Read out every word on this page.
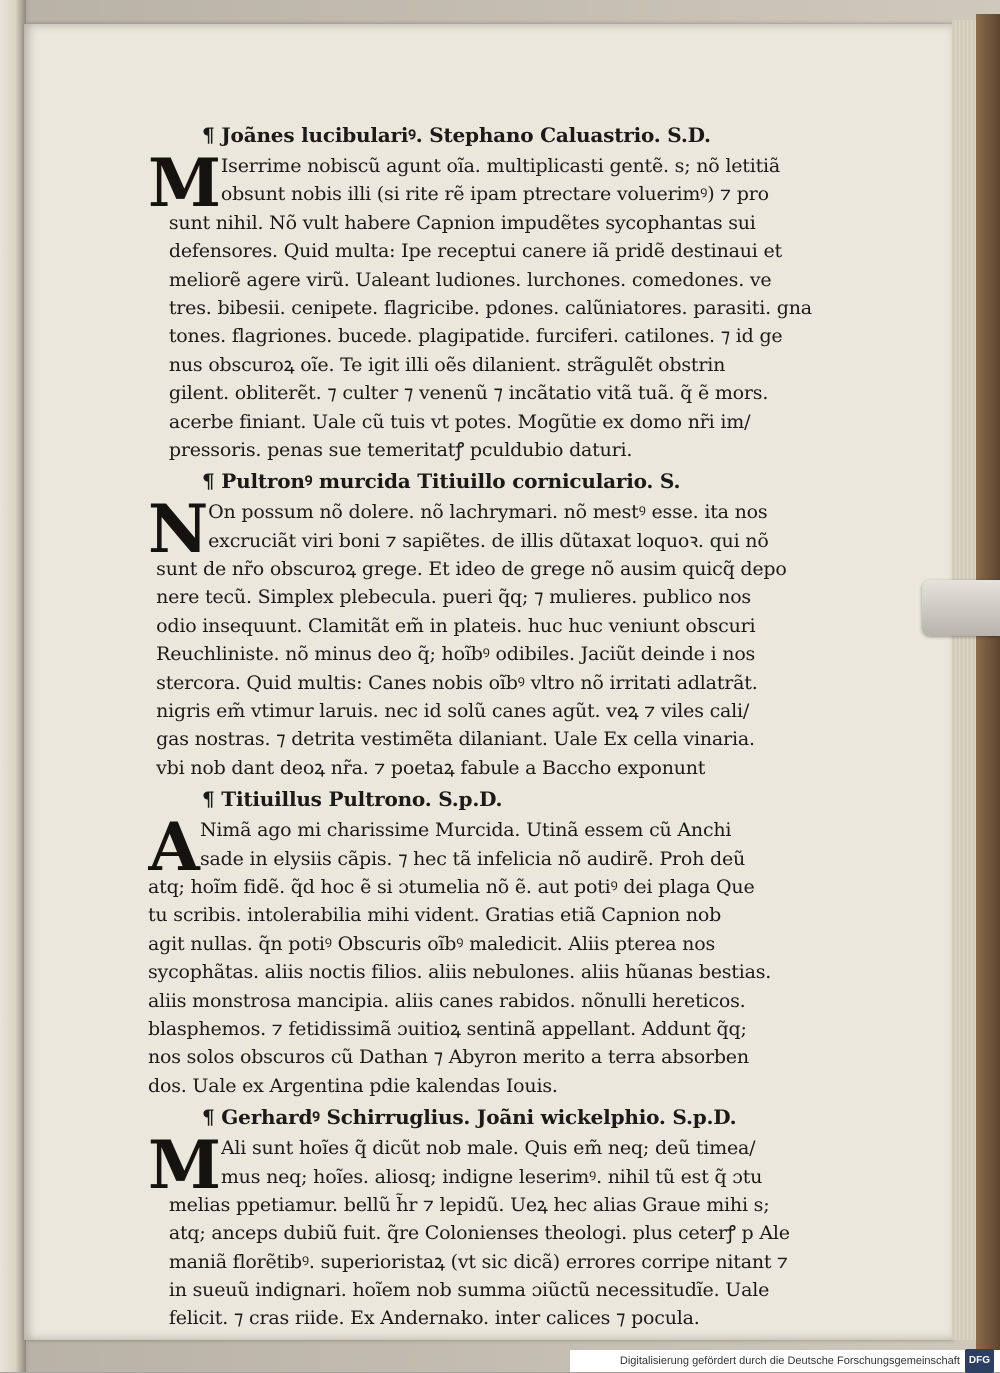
¶ Joãnes lucibulariꝰ. Stephano Caluastrio. S.D.
M Iserrime nobiscũ agunt oĩa. multiplicasti gentẽ. s; nõ letitiã
obsunt nobis illi (si rite rẽ ipam ptrectare voluerimꝰ) ⁊ pro
sunt nihil. Nõ vult habere Capnion impudẽtes sycophantas sui
defensores. Quid multa: Ipe receptui canere iã pridẽ destinaui et
meliorẽ agere virũ. Ualeant ludiones. lurchones. comedones. ve
tres. bibesii. cenipete. flagricibe. pdones. calũniatores. parasiti. gna
tones. flagriones. bucede. plagipatide. furciferi. catilones. ⁊ id ge
nus obscuroꝝ oĩe. Te igit illi oẽs dilanient. strãgulẽt obstrin
gilent. obliterẽt. ⁊ culter ⁊ venenũ ⁊ incãtatio vitã tuã. q̃ ẽ mors.
acerbe finiant. Uale cũ tuis vt potes. Mogũtie ex domo nr̃i im/
pressoris. penas sue temeritatꝭ pculdubio daturi.
¶ Pultronꝰ murcida Titiuillo corniculario. S.
N On possum nõ dolere. nõ lachrymari. nõ mestꝰ esse. ita nos
excruciãt viri boni ⁊ sapiẽtes. de illis dũtaxat loquoꝛ. qui nõ
sunt de nr̃o obscuroꝝ grege. Et ideo de grege nõ ausim quicq̃ depo
nere tecũ. Simplex plebecula. pueri q̃q; ⁊ mulieres. publico nos
odio insequunt. Clamitãt em̃ in plateis. huc huc veniunt obscuri
Reuchliniste. nõ minus deo q̃; hoĩbꝰ odibiles. Jaciũt deinde i nos
stercora. Quid multis: Canes nobis oĩbꝰ vltro nõ irritati adlatrãt.
nigris em̃ vtimur laruis. nec id solũ canes agũt. veꝝ ⁊ viles cali/
gas nostras. ⁊ detrita vestimẽta dilaniant. Uale Ex cella vinaria.
vbi nob dant deoꝝ nr̃a. ⁊ poetaꝝ fabule a Baccho exponunt
¶ Titiuillus Pultrono. S.p.D.
A Nimã ago mi charissime Murcida. Utinã essem cũ Anchi
sade in elysiis cãpis. ⁊ hec tã infelicia nõ audirẽ. Proh deũ
atq; hoĩm fidẽ. q̃d hoc ẽ si ɔtumelia nõ ẽ. aut potiꝰ dei plaga Que
tu scribis. intolerabilia mihi vident. Gratias etiã Capnion nob
agit nullas. q̃n potiꝰ Obscuris oĩbꝰ maledicit. Aliis pterea nos
sycophãtas. aliis noctis filios. aliis nebulones. aliis hũanas bestias.
aliis monstrosa mancipia. aliis canes rabidos. nõnulli hereticos.
blasphemos. ⁊ fetidissimã ɔuitioꝝ sentinã appellant. Addunt q̃q;
nos solos obscuros cũ Dathan ⁊ Abyron merito a terra absorben
dos. Uale ex Argentina pdie kalendas Iouis.
¶ Gerhardꝰ Schirruglius. Joãni wickelphio. S.p.D.
M Ali sunt hoĩes q̃ dicũt nob male. Quis em̃ neq; deũ timea/
mus neq; hoĩes. aliosq; indigne leserimꝰ. nihil tũ est q̃ ɔtu
melias ppetiamur. bellũ h̃r ⁊ lepidũ. Ueꝝ hec alias Graue mihi s;
atq; anceps dubiũ fuit. q̃re Colonienses theologi. plus ceterꝭ p Ale
maniã florẽtibꝰ. superioristaꝝ (vt sic dicã) errores corripe nitant ⁊
in sueuũ indignari. hoĩem nob summa ɔiũctũ necessitudĩe. Uale
felicit. ⁊ cras riide. Ex Andernako. inter calices ⁊ pocula.
Digitalisierung gefördert durch die Deutsche Forschungsgemeinschaft DFG
